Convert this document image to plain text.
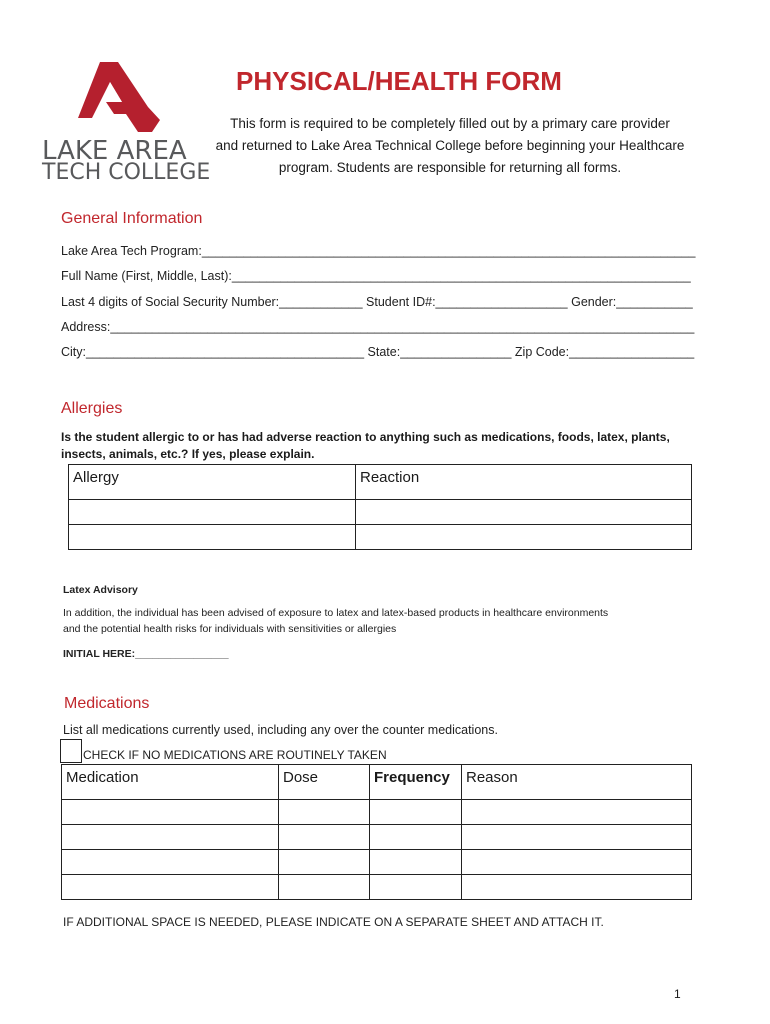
LAKE AREA
TECH COLLEGE
PHYSICAL/HEALTH FORM
This form is required to be completely filled out by a primary care provider
and returned to Lake Area Technical College before beginning your Healthcare
program. Students are responsible for returning all forms.
General Information
Lake Area Tech Program:_______________________________________________________________________
Full Name (First, Middle, Last):__________________________________________________________________
Last 4 digits of Social Security Number:____________ Student ID#:___________________ Gender:___________
Address:____________________________________________________________________________________
City:________________________________________ State:________________ Zip Code:__________________
Allergies
Is the student allergic to or has had adverse reaction to anything such as medications, foods, latex, plants,
insects, animals, etc.? If yes, please explain.
Allergy	Reaction

Latex Advisory
In addition, the individual has been advised of exposure to latex and latex-based products in healthcare environments
and the potential health risks for individuals with sensitivities or allergies
INITIAL HERE:________________
Medications
List all medications currently used, including any over the counter medications.
CHECK IF NO MEDICATIONS ARE ROUTINELY TAKEN
Medication	Dose	Frequency	Reason

IF ADDITIONAL SPACE IS NEEDED, PLEASE INDICATE ON A SEPARATE SHEET AND ATTACH IT.
1
